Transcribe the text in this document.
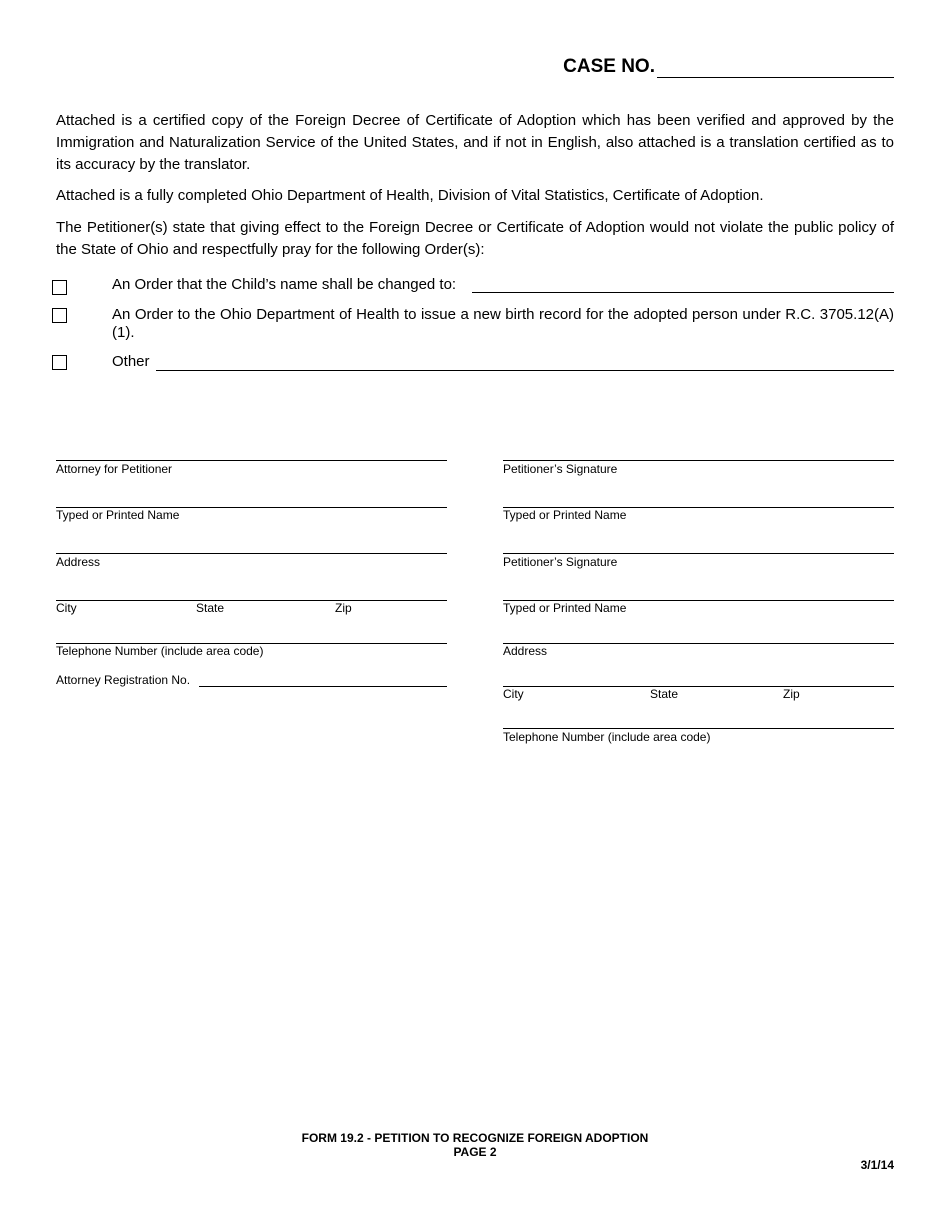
CASE NO.

Attached is a certified copy of the Foreign Decree of Certificate of Adoption which has been verified and approved by the Immigration and Naturalization Service of the United States, and if not in English, also attached is a translation certified as to its accuracy by the translator.

Attached is a fully completed Ohio Department of Health, Division of Vital Statistics, Certificate of Adoption.

The Petitioner(s) state that giving effect to the Foreign Decree or Certificate of Adoption would not violate the public policy of the State of Ohio and respectfully pray for the following Order(s):

An Order that the Child’s name shall be changed to:
An Order to the Ohio Department of Health to issue a new birth record for the adopted person under R.C. 3705.12(A)(1).
Other
Attorney for Petitioner
Typed or Printed Name
Address
City	State	Zip
Telephone Number (include area code)
Attorney Registration No.
Petitioner’s Signature
Typed or Printed Name
Petitioner’s Signature
Typed or Printed Name
Address
City	State	Zip
Telephone Number (include area code)
FORM 19.2 - PETITION TO RECOGNIZE FOREIGN ADOPTION
PAGE 2
3/1/14
